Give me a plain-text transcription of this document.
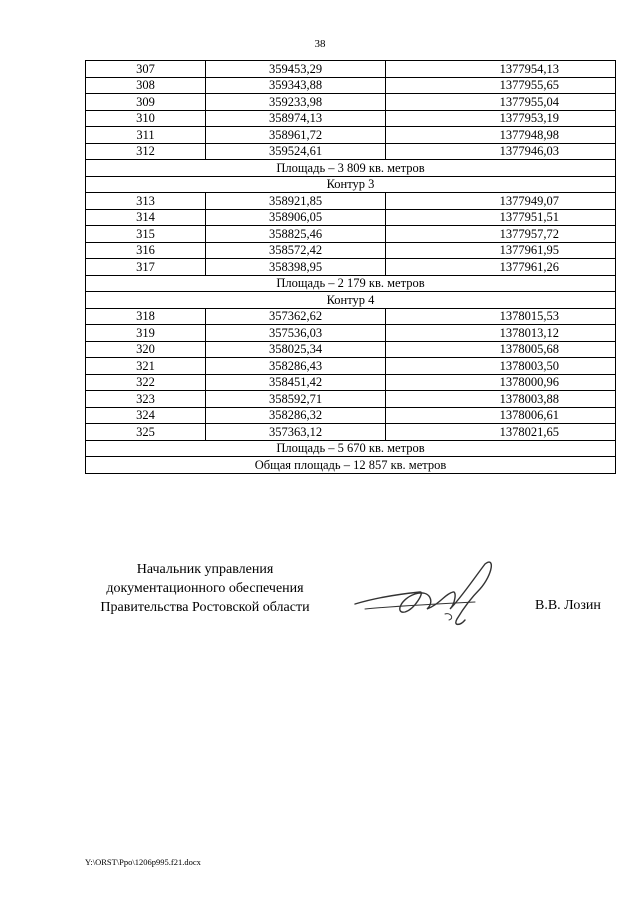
38
307	359453,29	1377954,13
308	359343,88	1377955,65
309	359233,98	1377955,04
310	358974,13	1377953,19
311	358961,72	1377948,98
312	359524,61	1377946,03
Площадь – 3 809 кв. метров		
Контур 3		
313	358921,85	1377949,07
314	358906,05	1377951,51
315	358825,46	1377957,72
316	358572,42	1377961,95
317	358398,95	1377961,26
Площадь – 2 179 кв. метров		
Контур 4		
318	357362,62	1378015,53
319	357536,03	1378013,12
320	358025,34	1378005,68
321	358286,43	1378003,50
322	358451,42	1378000,96
323	358592,71	1378003,88
324	358286,32	1378006,61
325	357363,12	1378021,65
Площадь – 5 670 кв. метров		
Общая площадь – 12 857 кв. метров		
Начальник управления
документационного обеспечения
Правительства Ростовской области	В.В. Лозин
Y:\ORST\Ppo\1206p995.f21.docx
